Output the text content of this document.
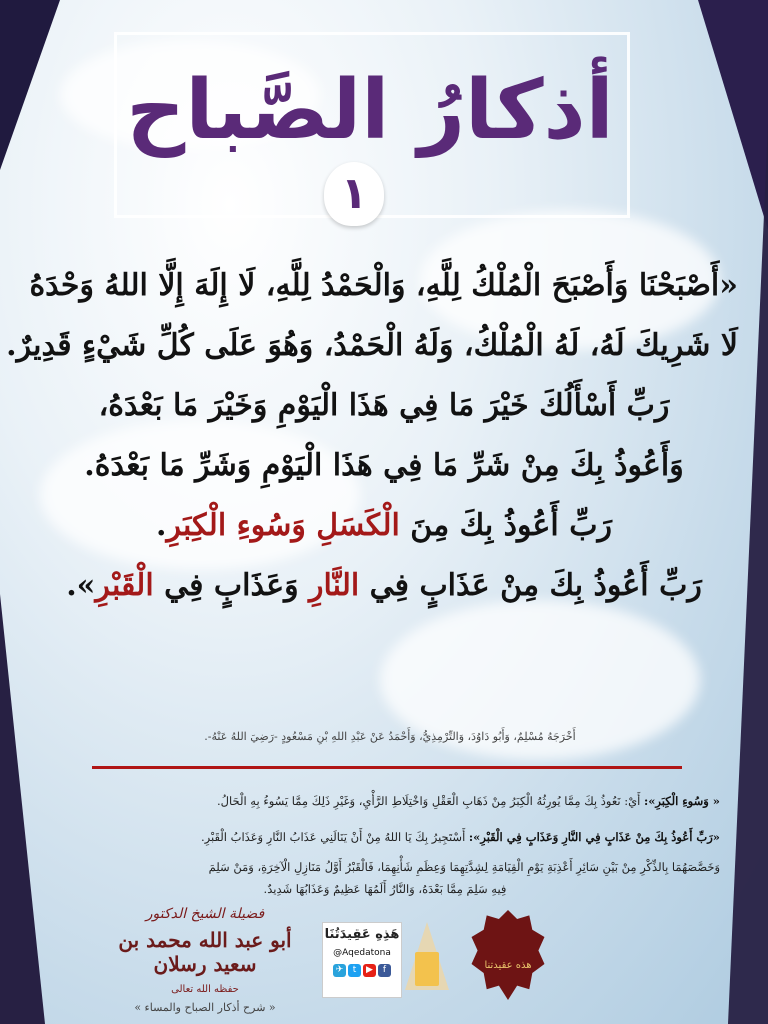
أذكارُ الصَّباح
١
«أَصْبَحْنَا وَأَصْبَحَ الْمُلْكُ لِلَّهِ، وَالْحَمْدُ لِلَّهِ، لَا إِلَهَ إِلَّا اللهُ وَحْدَهُ
لَا شَرِيكَ لَهُ، لَهُ الْمُلْكُ، وَلَهُ الْحَمْدُ، وَهُوَ عَلَى كُلِّ شَيْءٍ قَدِيرٌ.
رَبِّ أَسْأَلُكَ خَيْرَ مَا فِي هَذَا الْيَوْمِ وَخَيْرَ مَا بَعْدَهُ،
وَأَعُوذُ بِكَ مِنْ شَرِّ مَا فِي هَذَا الْيَوْمِ وَشَرِّ مَا بَعْدَهُ.
رَبِّ أَعُوذُ بِكَ مِنَ الْكَسَلِ وَسُوءِ الْكِبَرِ.
رَبِّ أَعُوذُ بِكَ مِنْ عَذَابٍ فِي النَّارِ وَعَذَابٍ فِي الْقَبْرِ».
أَخْرَجَهُ مُسْلِمٌ، وَأَبُو دَاوُدَ، وَالتِّرْمِذِيُّ، وَأَحْمَدُ عَنْ عَبْدِ اللهِ بْنِ مَسْعُودٍ -رَضِيَ اللهُ عَنْهُ-.
« وَسُوءِ الْكِبَرِ»: أَيْ: نَعُوذُ بِكَ مِمَّا يُورِثُهُ الْكِبَرُ مِنْ ذَهَابِ الْعَقْلِ وَاخْتِلَاطِ الرَّأْيِ، وَغَيْرِ ذَلِكَ مِمَّا يَسُوءُ بِهِ الْحَالُ.
«رَبِّ أَعُوذُ بِكَ مِنْ عَذَابٍ فِي النَّارِ وَعَذَابٍ فِي الْقَبْرِ»: أَسْتَجِيرُ بِكَ يَا اللهُ مِنْ أَنْ يَنَالَنِي عَذَابُ النَّارِ وَعَذَابُ الْقَبْرِ.
وَخَصَّصَهُمَا بِالذِّكْرِ مِنْ بَيْنِ سَائِرِ أَعْذِبَةِ يَوْمِ الْقِيَامَةِ لِشِدَّتِهِمَا وَعِظَمِ شَأْنِهِمَا، فَالْقَبْرُ أَوَّلُ مَنَازِلِ الْآخِرَةِ، وَمَنْ سَلِمَ
فِيهِ سَلِمَ مِمَّا بَعْدَهُ، وَالنَّارُ أَلَمُهَا عَظِيمٌ وَعَذَابُهَا شَدِيدٌ.
هذه عقيدتنا
هَذِهِ عَقِيدَتُنَا
@Aqedatona
✈ t ▶ f
فضيلة الشيخ الدكتور
أبو عبد الله محمد بن سعيد رسلان
حفظه الله تعالى
« شرح أذكار الصباح والمساء »
